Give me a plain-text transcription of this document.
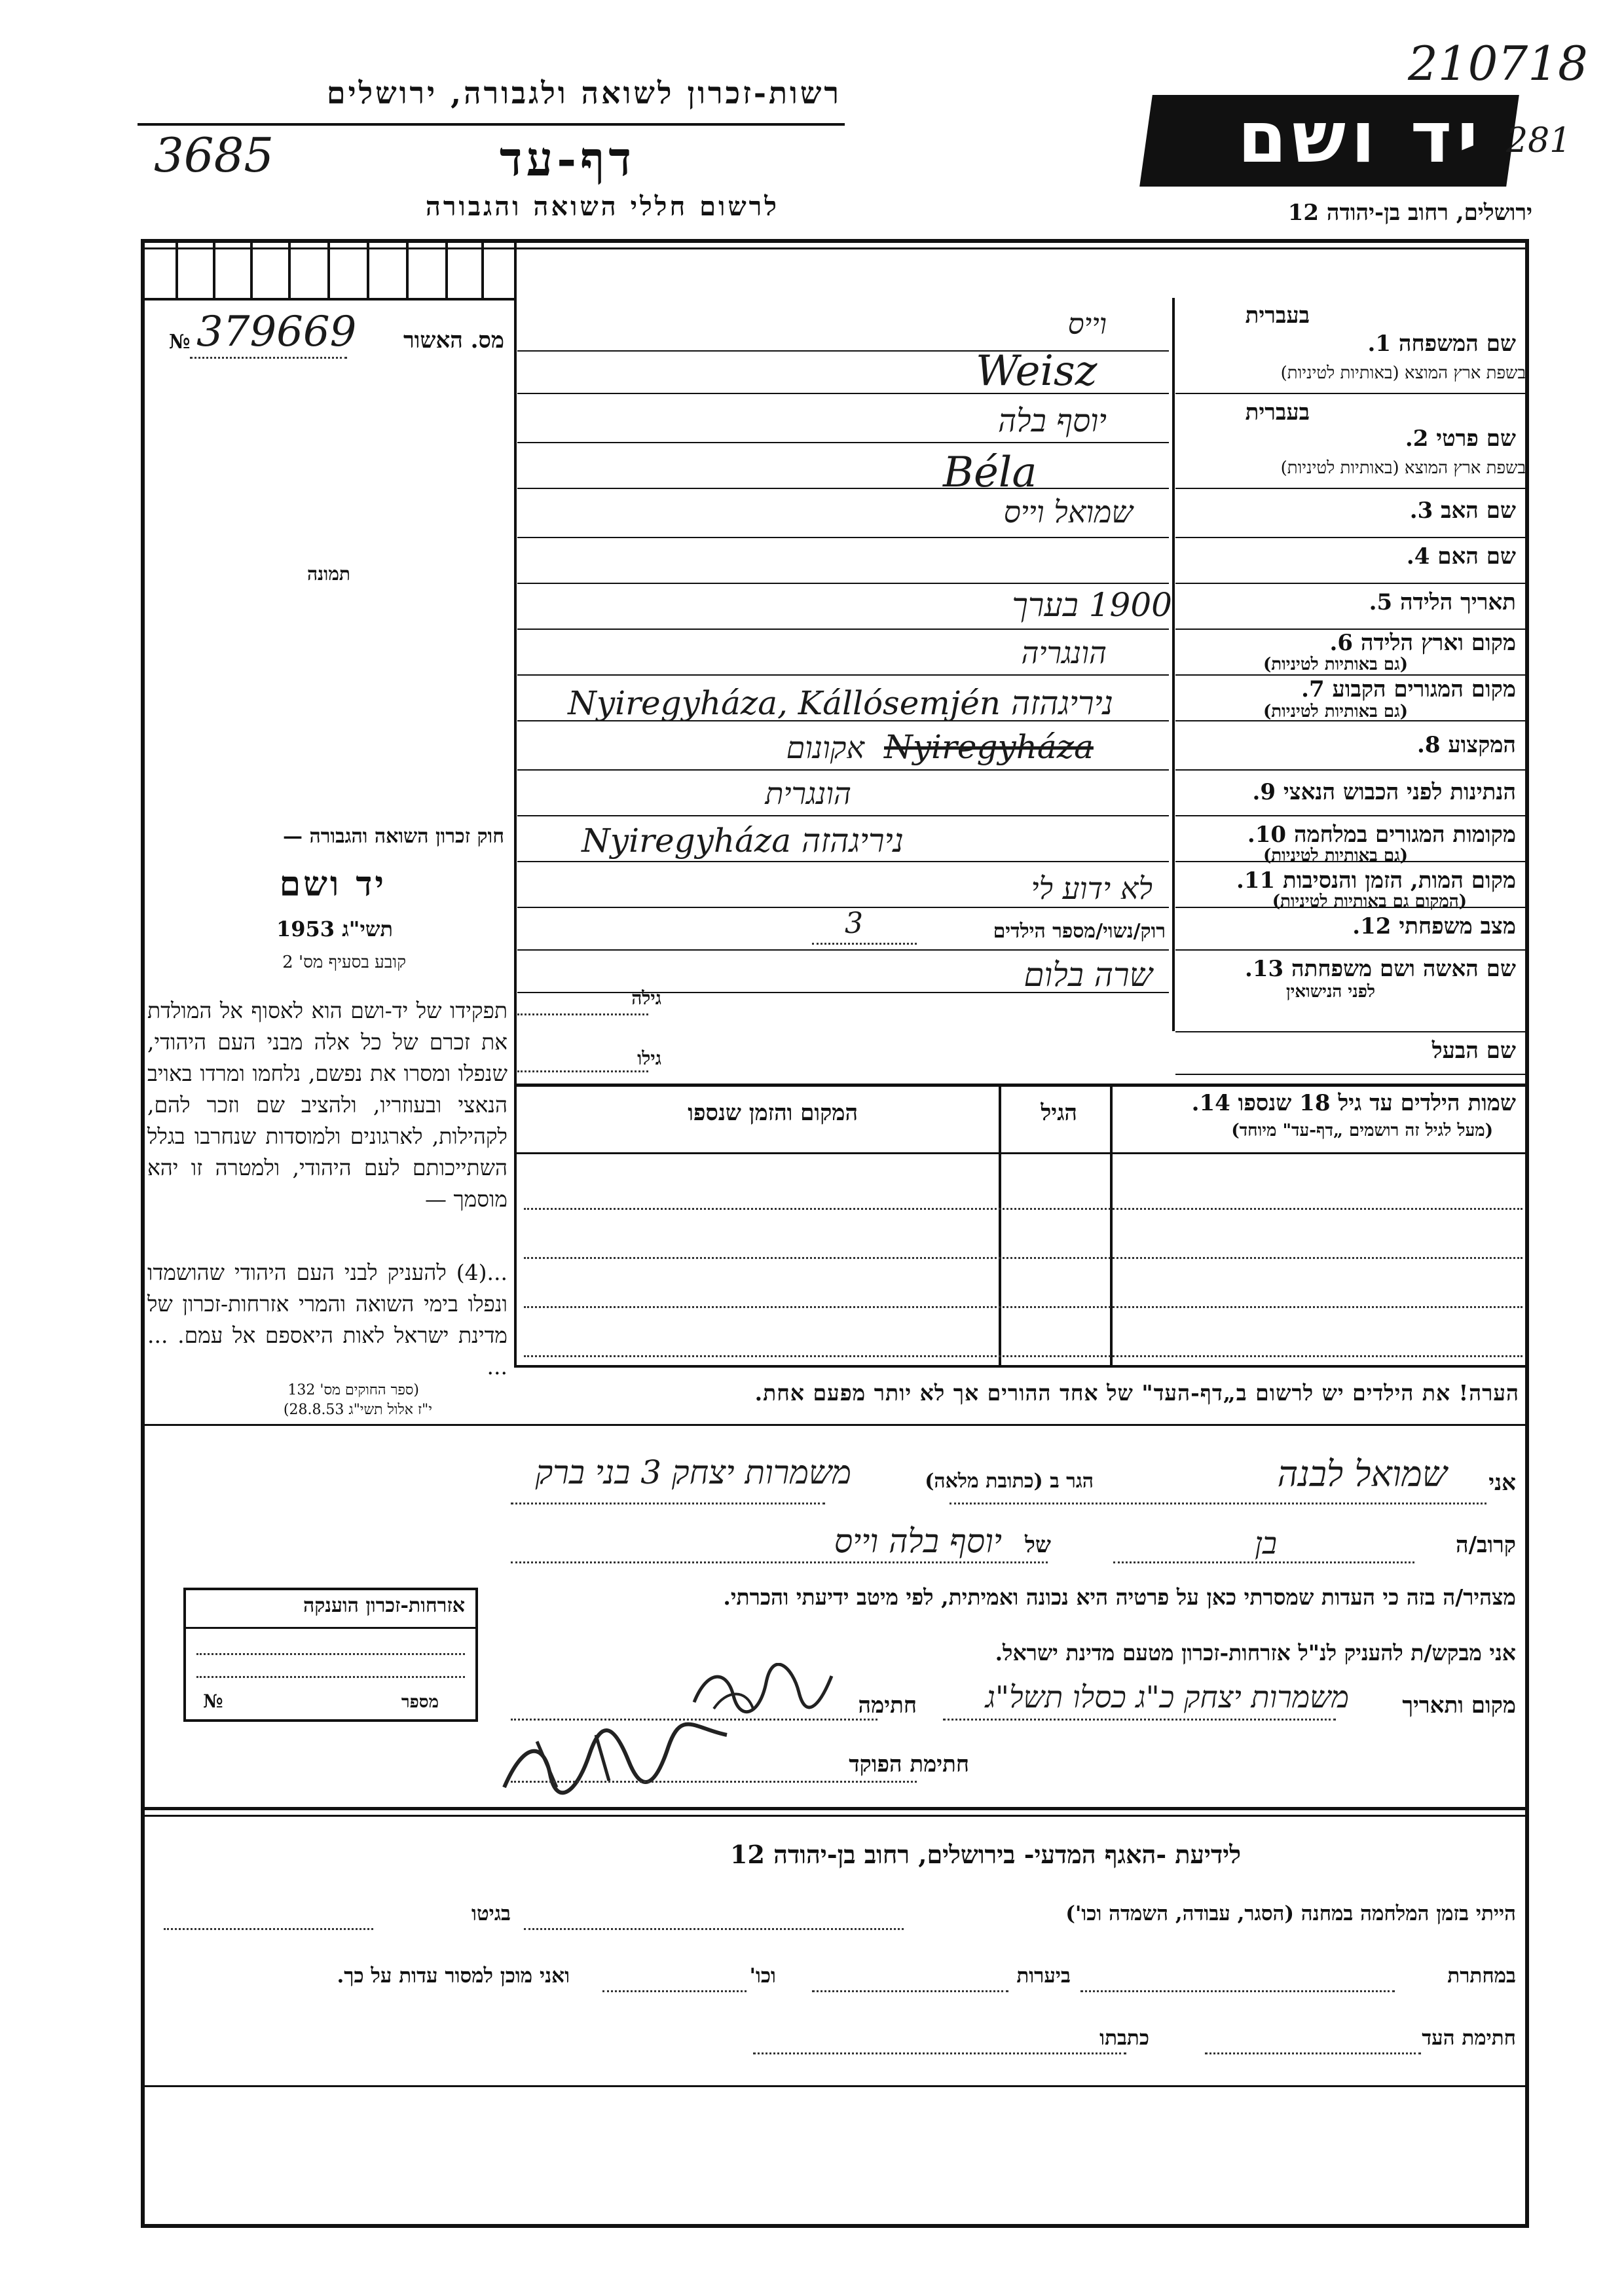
רשות-זכרון לשואה ולגבורה, ירושלים
דף-עד
3685
לרשום חללי השואה והגבורה
יד ושם
ירושלים, רחוב בן-יהודה 12
210718
281
מס. האשור
379669
№
תמונה
חוק זכרון השואה והגבורה —
יד ושם
תשי"ג 1953
קובע בסעיף מס' 2
תפקידו של יד-ושם הוא לאסוף אל המולדת את זכרם של כל אלה מבני העם היהודי, שנפלו ומסרו את נפשם, נלחמו ומרדו באויב הנאצי ובעוזריו, ולהציב שם וזכר להם, לקהילות, לארגונים ולמוסדות שנחרבו בגלל השתייכותם לעם היהודי, ולמטרה זו יהא מוסמך —
...(4) להעניק לבני העם היהודי שהושמדו ונפלו בימי השואה והמרי אזרחות-זכרון של מדינת ישראל לאות היאספם אל עמם. ... ...
(ספר החוקים מס' 132
י"ז אלול תשי"ג 28.8.53)
בעברית
שם המשפחה 1.
בשפת ארץ המוצא (באותיות לטיניות)
וייס
Weisz
בעברית
שם פרטי 2.
בשפת ארץ המוצא (באותיות לטיניות)
יוסף בלה
Béla
שם האב 3.
שמואל וייס
שם האם 4.
תאריך הלידה 5.
1900 בערך
מקום וארץ הלידה 6.
(גם באותיות לטיניות)
הונגריה
מקום המגורים הקבוע 7.
(גם באותיות לטיניות)
ניריגהזה Nyiregyháza, Kállósemjén
המקצוע 8.
אקונום Nyiregyháza
הנתינות לפני הכבוש הנאצי 9.
הונגרית
מקומות המגורים במלחמה 10.
(גם באותיות לטיניות)
ניריגהזה Nyiregyháza
מקום המות, הזמן והנסיבות 11.
(המקום גם באותיות לטיניות)
לא ידוע לי
מצב משפחתי 12.
רוק/נשוי/מספר הילדים
3
שם האשה ושם משפחתה 13.
לפני הנישואין
שרה בלום
גילה
שם הבעל
גילו
שמות הילדים עד גיל 18 שנספו 14.
(מעל לגיל זה רושמים „דף-עד" מיוחד)
הגיל
המקום והזמן שנספו
הערה! את הילדים יש לרשום ב„דף-העד" של אחד ההורים אך לא יותר מפעם אחת.
אני
שמואל לבנה
הגר ב (כתובת מלאה)
משמרות יצחק 3 בני ברק
קרוב/ה
בן
של
יוסף בלה וייס
מצהיר/ה בזה כי העדות שמסרתי כאן על פרטיה היא נכונה ואמיתית, לפי מיטב ידיעתי והכרתי.
אני מבקש/ת להעניק לנ"ל אזרחות-זכרון מטעם מדינת ישראל.
מקום ותאריך
משמרות יצחק כ"ג כסלו תשל"ג
חתימה
חתימת הפוקד
אזרחות-זכרון הוענקה
מספר
№
לידיעת -האגף המדעי- בירושלים, רחוב בן-יהודה 12
הייתי בזמן המלחמה במחנה (הסגר, עבודה, השמדה וכו')
בגיטו
במחתרת
ביערות
וכו'
ואני מוכן למסור עדות על כך.
חתימת העד
כתבתו
